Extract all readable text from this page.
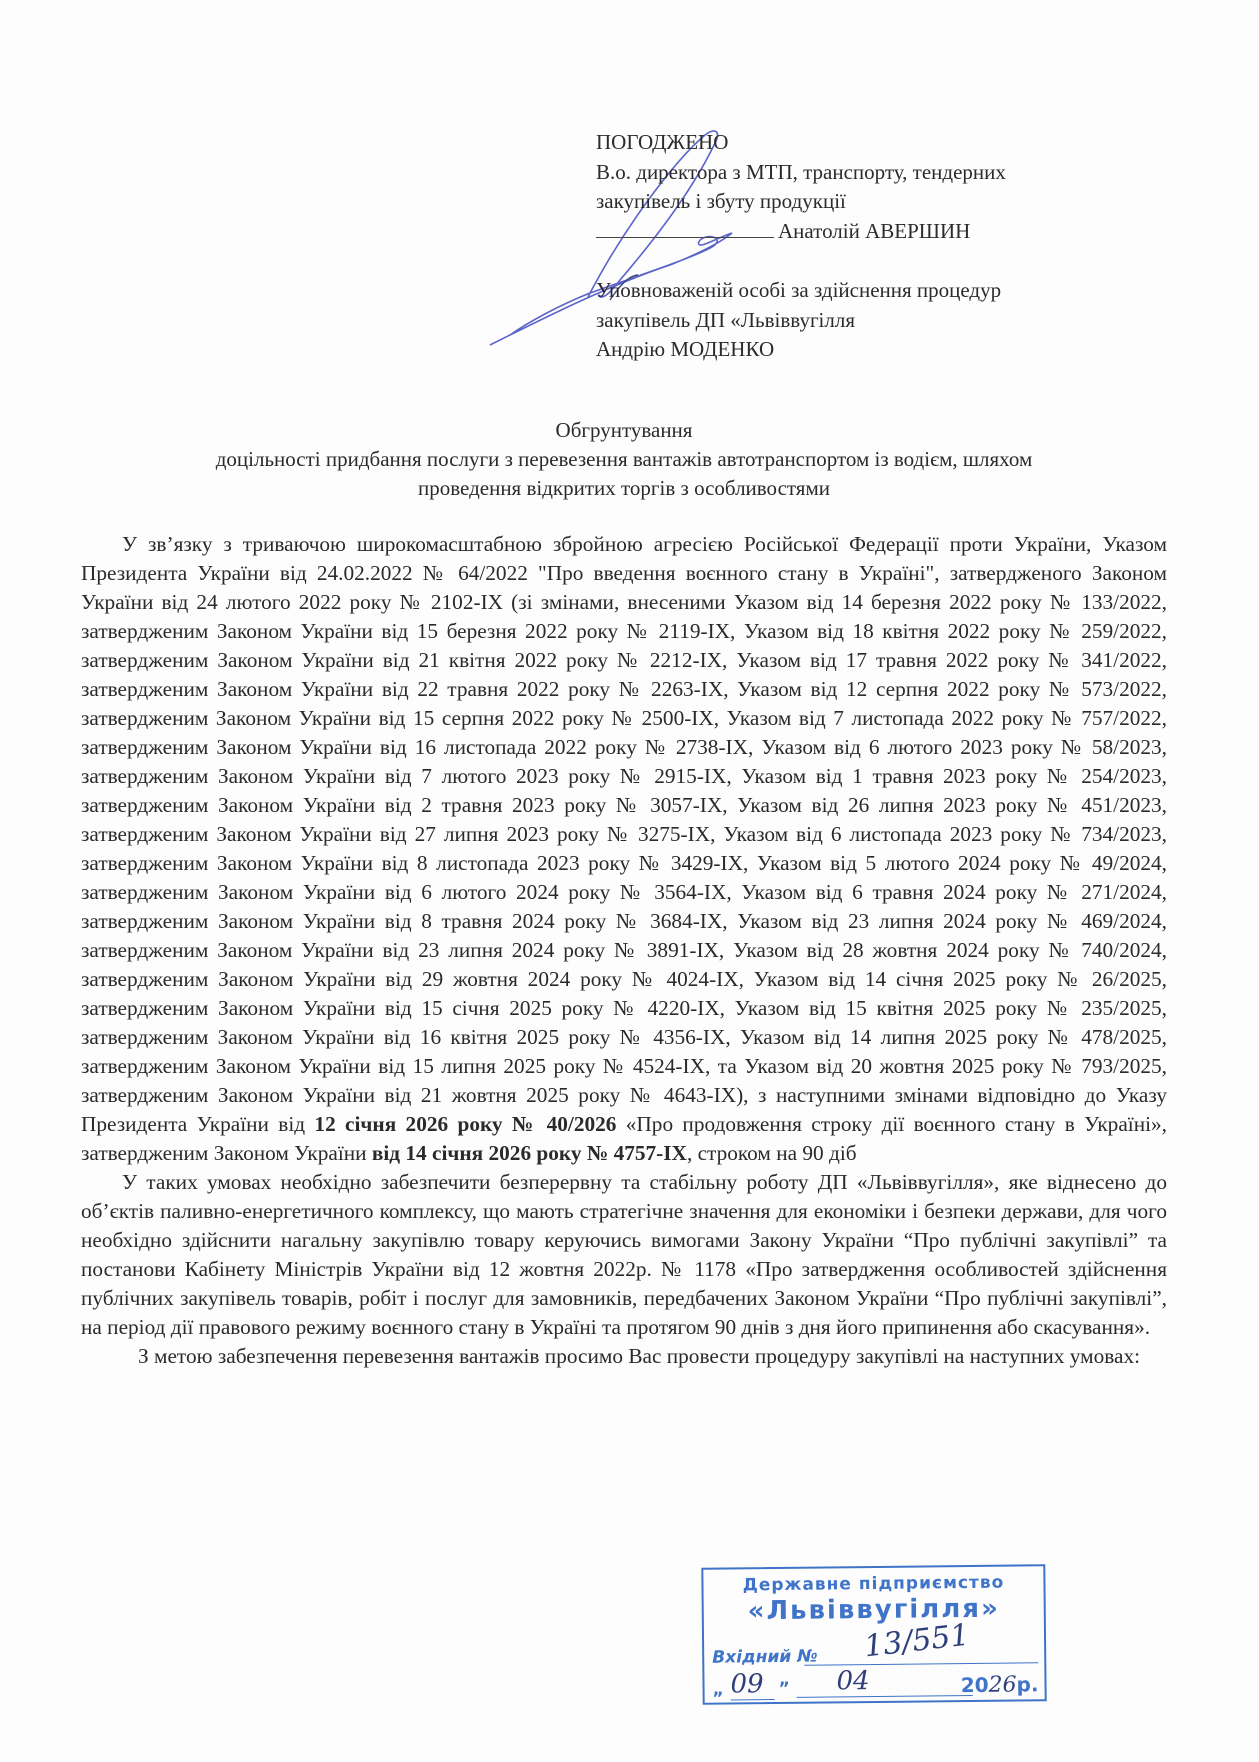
ПОГОДЖЕНО
В.о. директора з МТП, транспорту, тендерних
закупівель і збуту продукції
Анатолій АВЕРШИН
Уповноваженій особі за здійснення процедур
закупівель ДП «Львіввугілля
Андрію МОДЕНКО
Обгрунтування
доцільності придбання послуги з перевезення вантажів автотранспортом із водієм, шляхом
проведення відкритих торгів з особливостями

У зв’язку з триваючою широкомасштабною збройною агресією Російської Федерації проти України, Указом Президента України від 24.02.2022 № 64/2022 "Про введення воєнного стану в Україні", затвердженого Законом України від 24 лютого 2022 року № 2102-IX (зі змінами, внесеними Указом від 14 березня 2022 року № 133/2022, затвердженим Законом України від 15 березня 2022 року № 2119-IX, Указом від 18 квітня 2022 року № 259/2022, затвердженим Законом України від 21 квітня 2022 року № 2212-IX, Указом від 17 травня 2022 року № 341/2022, затвердженим Законом України від 22 травня 2022 року № 2263-IX, Указом від 12 серпня 2022 року № 573/2022, затвердженим Законом України від 15 серпня 2022 року № 2500-IX, Указом від 7 листопада 2022 року № 757/2022, затвердженим Законом України від 16 листопада 2022 року № 2738-IX, Указом від 6 лютого 2023 року № 58/2023, затвердженим Законом України від 7 лютого 2023 року № 2915-IX, Указом від 1 травня 2023 року № 254/2023, затвердженим Законом України від 2 травня 2023 року № 3057-IX, Указом від 26 липня 2023 року № 451/2023, затвердженим Законом України від 27 липня 2023 року № 3275-IX, Указом від 6 листопада 2023 року № 734/2023, затвердженим Законом України від 8 листопада 2023 року № 3429-IX, Указом від 5 лютого 2024 року № 49/2024, затвердженим Законом України від 6 лютого 2024 року № 3564-IX, Указом від 6 травня 2024 року № 271/2024, затвердженим Законом України від 8 травня 2024 року № 3684-IX, Указом від 23 липня 2024 року № 469/2024, затвердженим Законом України від 23 липня 2024 року № 3891-IX, Указом від 28 жовтня 2024 року № 740/2024, затвердженим Законом України від 29 жовтня 2024 року № 4024-IX, Указом від 14 січня 2025 року № 26/2025, затвердженим Законом України від 15 січня 2025 року № 4220-IX, Указом від 15 квітня 2025 року № 235/2025, затвердженим Законом України від 16 квітня 2025 року № 4356-IX, Указом від 14 липня 2025 року № 478/2025, затвердженим Законом України від 15 липня 2025 року № 4524-IX, та Указом від 20 жовтня 2025 року № 793/2025, затвердженим Законом України від 21 жовтня 2025 року № 4643-IX), з наступними змінами відповідно до Указу Президента України від 12 січня 2026 року № 40/2026 «Про продовження строку дії воєнного стану в Україні», затвердженим Законом України від 14 січня 2026 року № 4757-IX, строком на 90 діб

У таких умовах необхідно забезпечити безперервну та стабільну роботу ДП «Львіввугілля», яке віднесено до об’єктів паливно-енергетичного комплексу, що мають стратегічне значення для економіки і безпеки держави, для чого необхідно здійснити нагальну закупівлю товару керуючись вимогами Закону України “Про публічні закупівлі” та постанови Кабінету Міністрів України від 12 жовтня 2022р. № 1178 «Про затвердження особливостей здійснення публічних закупівель товарів, робіт і послуг для замовників, передбачених Законом України “Про публічні закупівлі”, на період дії правового режиму воєнного стану в Україні та протягом 90 днів з дня його припинення або скасування».

З метою забезпечення перевезення вантажів просимо Вас провести процедуру закупівлі на наступних умовах:

Державне підприємство
«Львіввугілля»
Вхідний № 13/551
„ 09 ”	04	2026р.
